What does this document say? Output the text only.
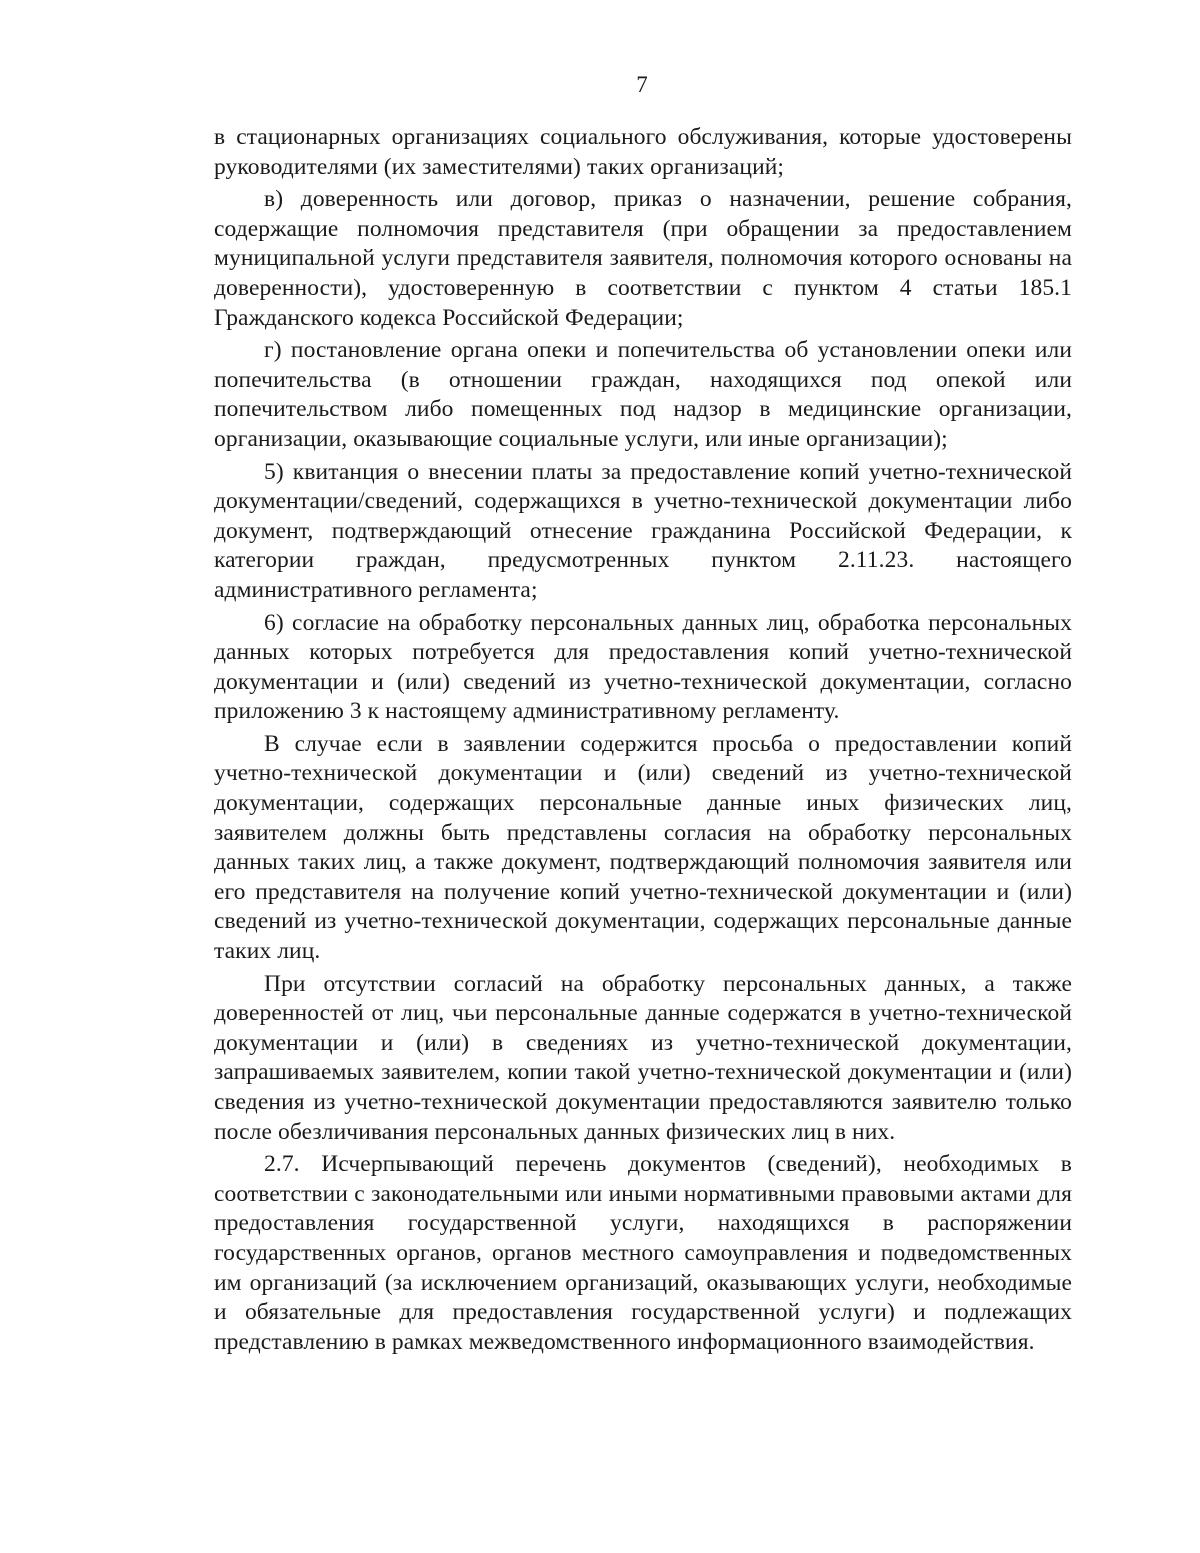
7

в стационарных организациях социального обслуживания, которые удостоверены руководителями (их заместителями) таких организаций;

в) доверенность или договор, приказ о назначении, решение собрания, содержащие полномочия представителя (при обращении за предоставлением муниципальной услуги представителя заявителя, полномочия которого основаны на доверенности), удостоверенную в соответствии с пунктом 4 статьи 185.1 Гражданского кодекса Российской Федерации;

г) постановление органа опеки и попечительства об установлении опеки или попечительства (в отношении граждан, находящихся под опекой или попечительством либо помещенных под надзор в медицинские организации, организации, оказывающие социальные услуги, или иные организации);

5) квитанция о внесении платы за предоставление копий учетно-технической документации/сведений, содержащихся в учетно-технической документации либо документ, подтверждающий отнесение гражданина Российской Федерации, к категории граждан, предусмотренных пунктом 2.11.23. настоящего административного регламента;

6) согласие на обработку персональных данных лиц, обработка персональных данных которых потребуется для предоставления копий учетно-технической документации и (или) сведений из учетно-технической документации, согласно приложению 3 к настоящему административному регламенту.

В случае если в заявлении содержится просьба о предоставлении копий учетно-технической документации и (или) сведений из учетно-технической документации, содержащих персональные данные иных физических лиц, заявителем должны быть представлены согласия на обработку персональных данных таких лиц, а также документ, подтверждающий полномочия заявителя или его представителя на получение копий учетно-технической документации и (или) сведений из учетно-технической документации, содержащих персональные данные таких лиц.

При отсутствии согласий на обработку персональных данных, а также доверенностей от лиц, чьи персональные данные содержатся в учетно-технической документации и (или) в сведениях из учетно-технической документации, запрашиваемых заявителем, копии такой учетно-технической документации и (или) сведения из учетно-технической документации предоставляются заявителю только после обезличивания персональных данных физических лиц в них.

2.7. Исчерпывающий перечень документов (сведений), необходимых в соответствии с законодательными или иными нормативными правовыми актами для предоставления государственной услуги, находящихся в распоряжении государственных органов, органов местного самоуправления и подведомственных им организаций (за исключением организаций, оказывающих услуги, необходимые и обязательные для предоставления государственной услуги) и подлежащих представлению в рамках межведомственного информационного взаимодействия.
